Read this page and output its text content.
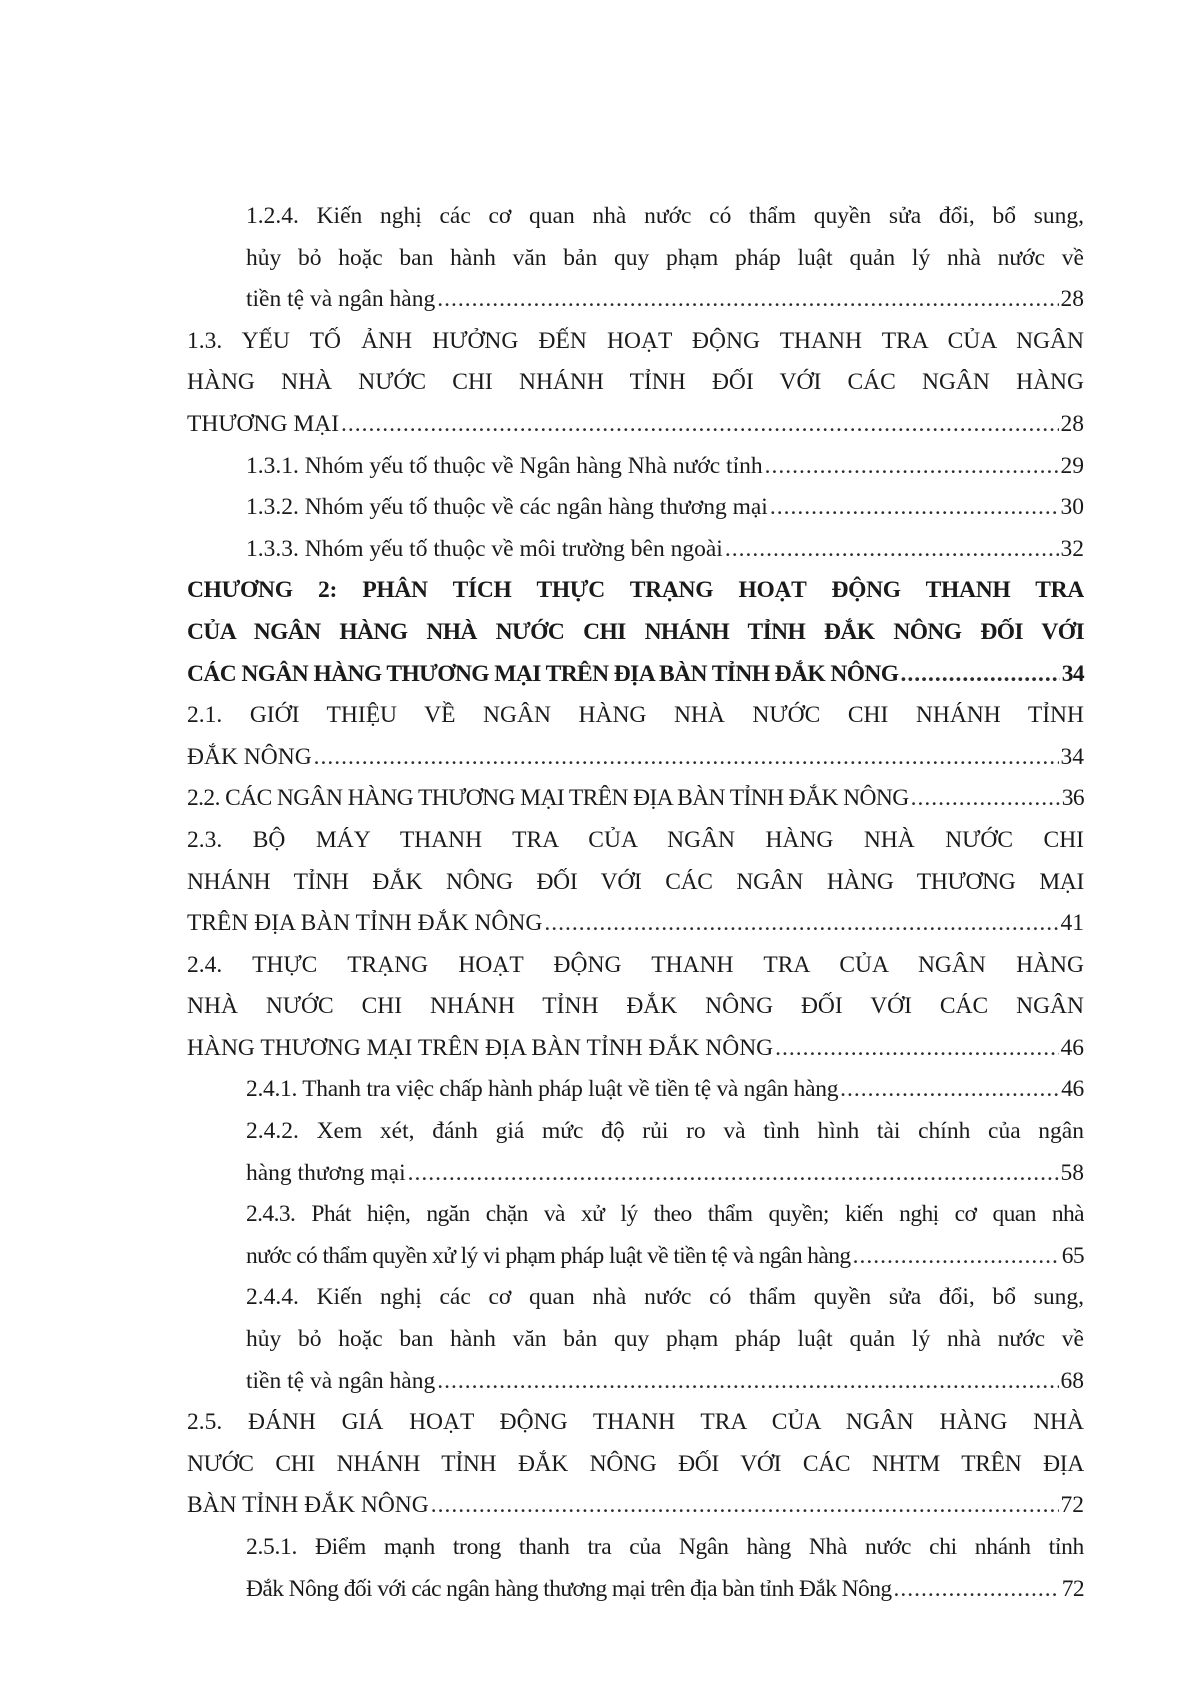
1.2.4. Kiến nghị các cơ quan nhà nước có thẩm quyền sửa đổi, bổ sung,
hủy bỏ hoặc ban hành văn bản quy phạm pháp luật quản lý nhà nước về
tiền tệ và ngân hàng .....	28
1.3. YẾU TỐ ẢNH HƯỞNG ĐẾN HOẠT ĐỘNG THANH TRA CỦA NGÂN
HÀNG NHÀ NƯỚC CHI NHÁNH TỈNH ĐỐI VỚI CÁC NGÂN HÀNG
THƯƠNG MẠI .....	28
1.3.1. Nhóm yếu tố thuộc về Ngân hàng Nhà nước tỉnh .....	29
1.3.2. Nhóm yếu tố thuộc về các ngân hàng thương mại .....	30
1.3.3. Nhóm yếu tố thuộc về môi trường bên ngoài .....	32
CHƯƠNG 2: PHÂN TÍCH THỰC TRẠNG HOẠT ĐỘNG THANH TRA
CỦA NGÂN HÀNG NHÀ NƯỚC CHI NHÁNH TỈNH ĐẮK NÔNG ĐỐI VỚI
CÁC NGÂN HÀNG THƯƠNG MẠI TRÊN ĐỊA BÀN TỈNH ĐẮK NÔNG .....	34
2.1. GIỚI THIỆU VỀ NGÂN HÀNG NHÀ NƯỚC CHI NHÁNH TỈNH
ĐẮK NÔNG .....	34
2.2. CÁC NGÂN HÀNG THƯƠNG MẠI TRÊN ĐỊA BÀN TỈNH ĐẮK NÔNG .....	36
2.3. BỘ MÁY THANH TRA CỦA NGÂN HÀNG NHÀ NƯỚC CHI
NHÁNH TỈNH ĐẮK NÔNG ĐỐI VỚI CÁC NGÂN HÀNG THƯƠNG MẠI
TRÊN ĐỊA BÀN TỈNH ĐẮK NÔNG .....	41
2.4. THỰC TRẠNG HOẠT ĐỘNG THANH TRA CỦA NGÂN HÀNG
NHÀ NƯỚC CHI NHÁNH TỈNH ĐẮK NÔNG ĐỐI VỚI CÁC NGÂN
HÀNG THƯƠNG MẠI TRÊN ĐỊA BÀN TỈNH ĐẮK NÔNG .....	46
2.4.1. Thanh tra việc chấp hành pháp luật về tiền tệ và ngân hàng .....	46
2.4.2. Xem xét, đánh giá mức độ rủi ro và tình hình tài chính của ngân
hàng thương mại .....	58
2.4.3. Phát hiện, ngăn chặn và xử lý theo thẩm quyền; kiến nghị cơ quan nhà
nước có thẩm quyền xử lý vi phạm pháp luật về tiền tệ và ngân hàng .....	65
2.4.4. Kiến nghị các cơ quan nhà nước có thẩm quyền sửa đổi, bổ sung,
hủy bỏ hoặc ban hành văn bản quy phạm pháp luật quản lý nhà nước về
tiền tệ và ngân hàng .....	68
2.5. ĐÁNH GIÁ HOẠT ĐỘNG THANH TRA CỦA NGÂN HÀNG NHÀ
NƯỚC CHI NHÁNH TỈNH ĐẮK NÔNG ĐỐI VỚI CÁC NHTM TRÊN ĐỊA
BÀN TỈNH ĐẮK NÔNG .....	72
2.5.1. Điểm mạnh trong thanh tra của Ngân hàng Nhà nước chi nhánh tỉnh
Đắk Nông đối với các ngân hàng thương mại trên địa bàn tỉnh Đắk Nông .....	72
